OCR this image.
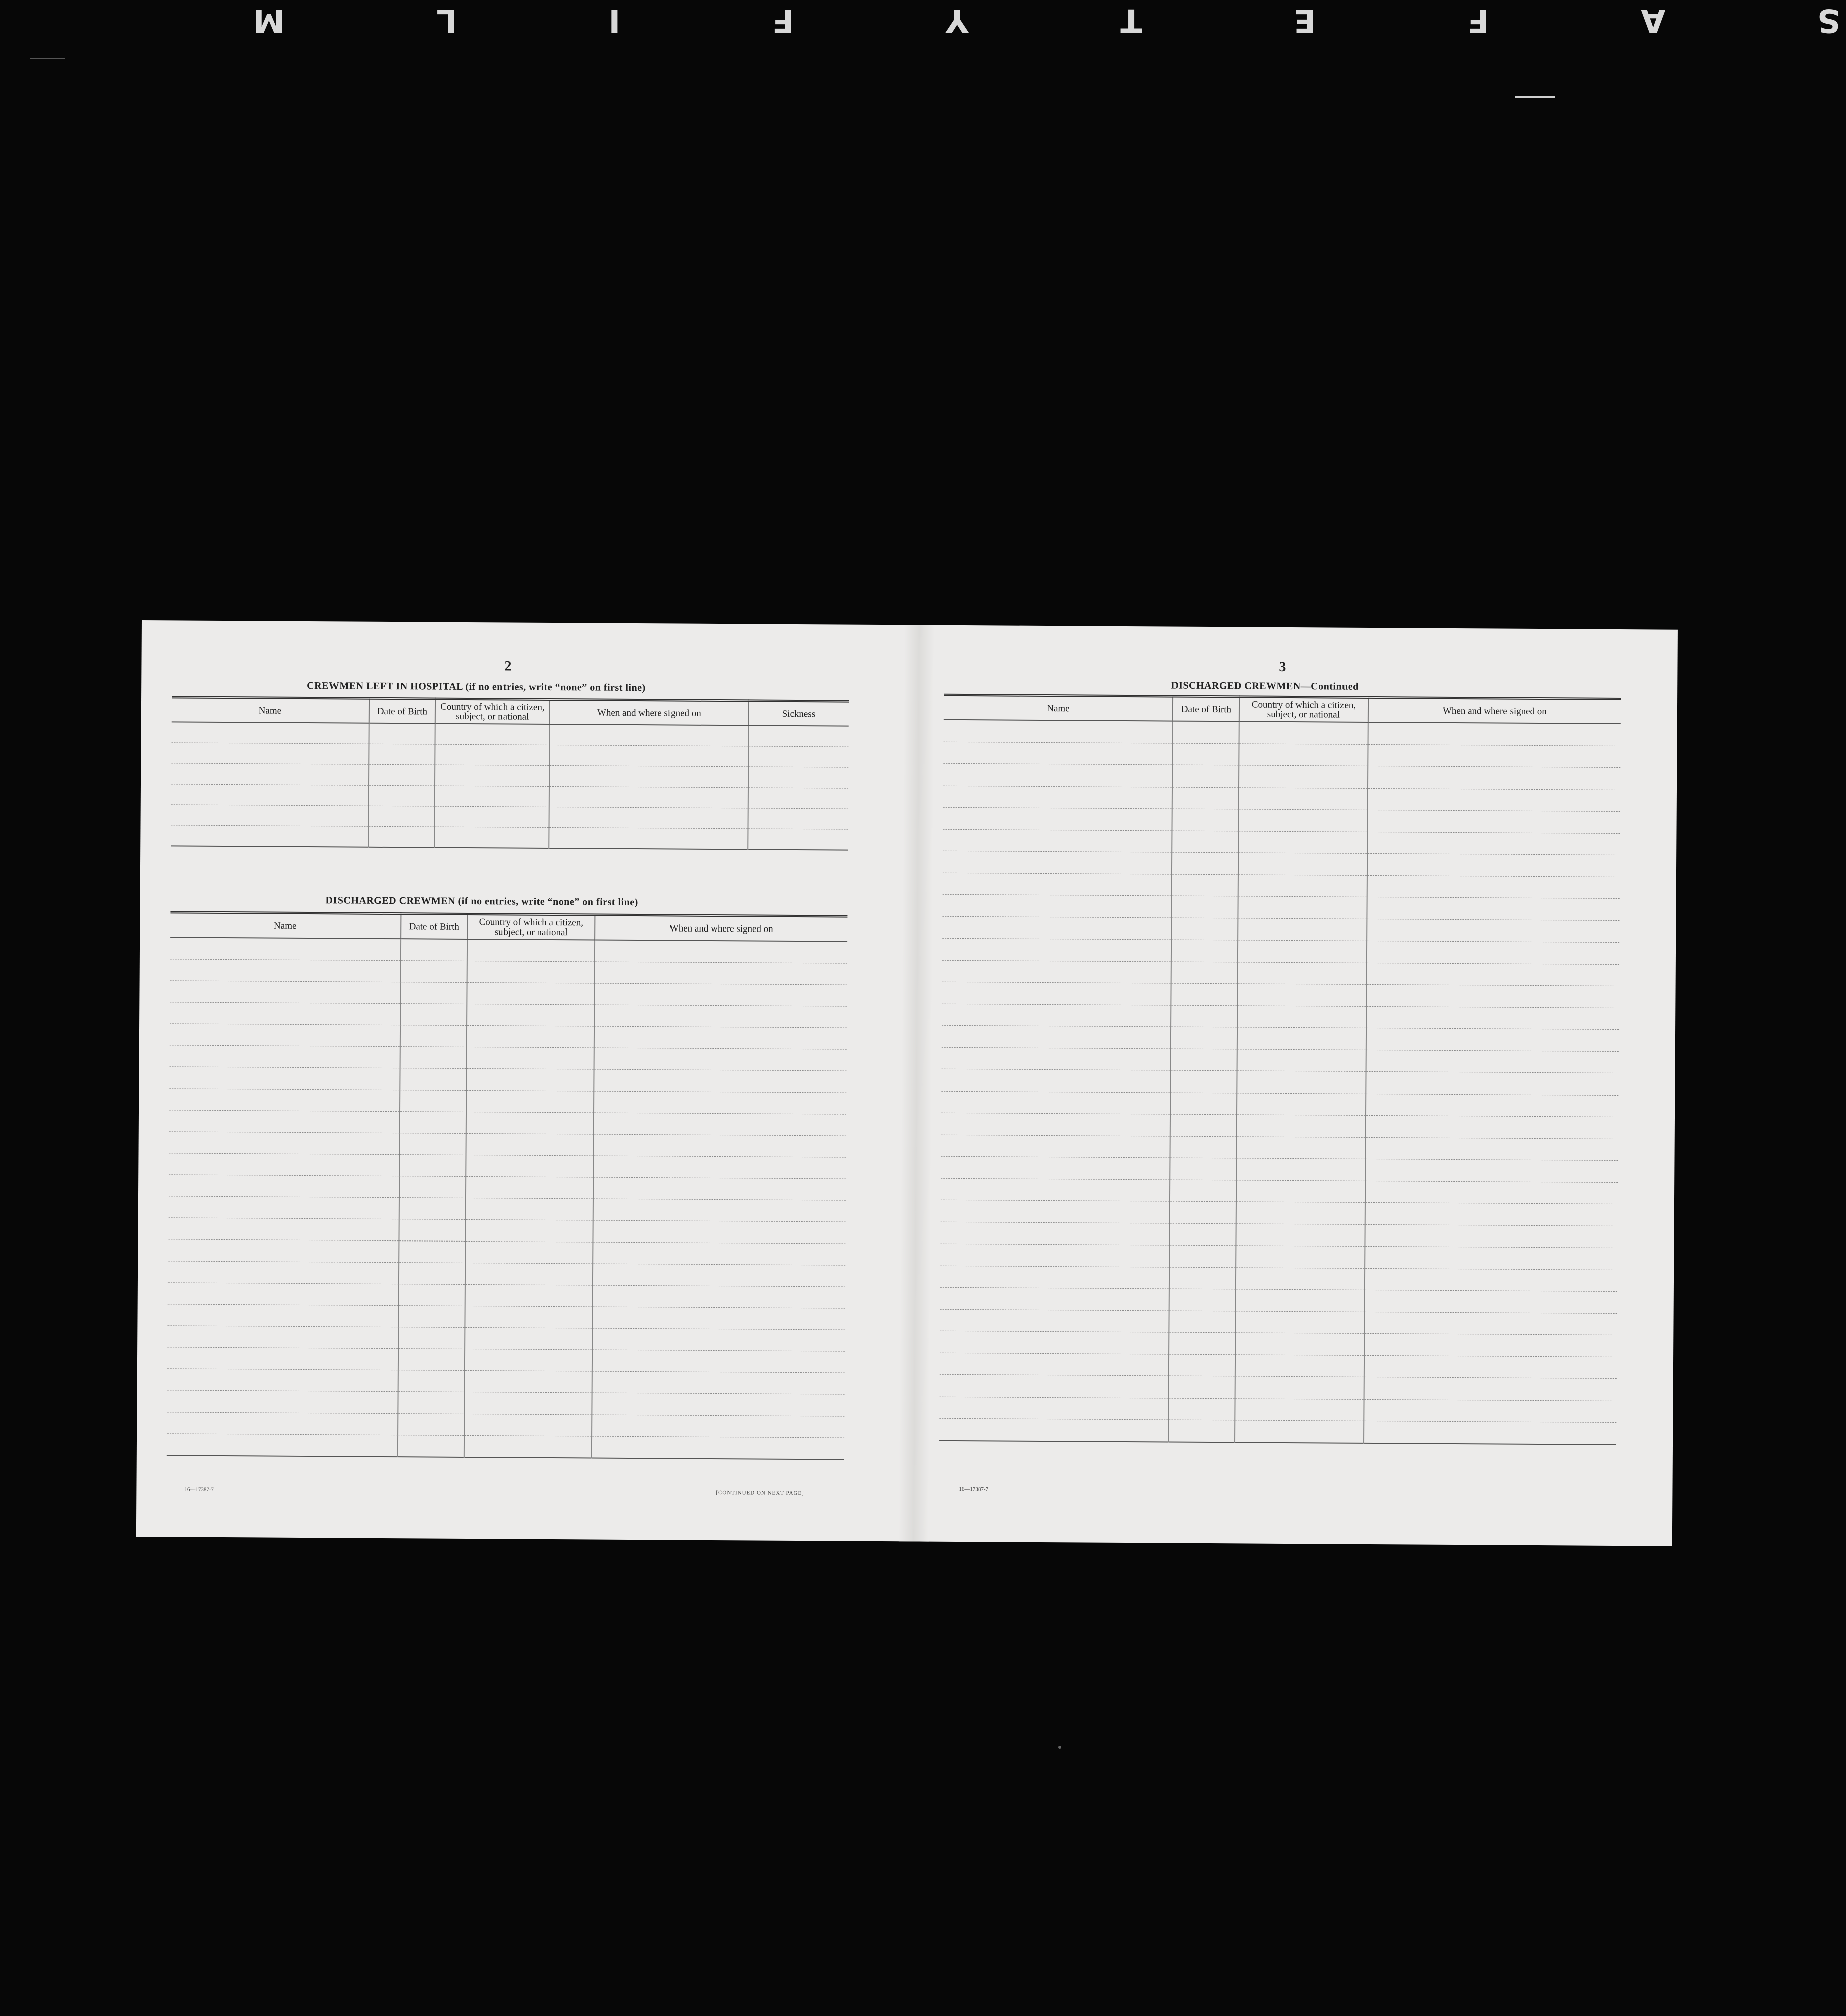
S A F E T Y F I L M
2
CREWMEN LEFT IN HOSPITAL (if no entries, write “none” on first line)
Name	Date of Birth	Country of which a citizen, subject, or national	When and where signed on	Sickness

DISCHARGED CREWMEN (if no entries, write “none” on first line)
Name	Date of Birth	Country of which a citizen, subject, or national	When and where signed on

16—17387-7
[CONTINUED ON NEXT PAGE]
3
DISCHARGED CREWMEN—Continued
Name	Date of Birth	Country of which a citizen, subject, or national	When and where signed on

16—17387-7
